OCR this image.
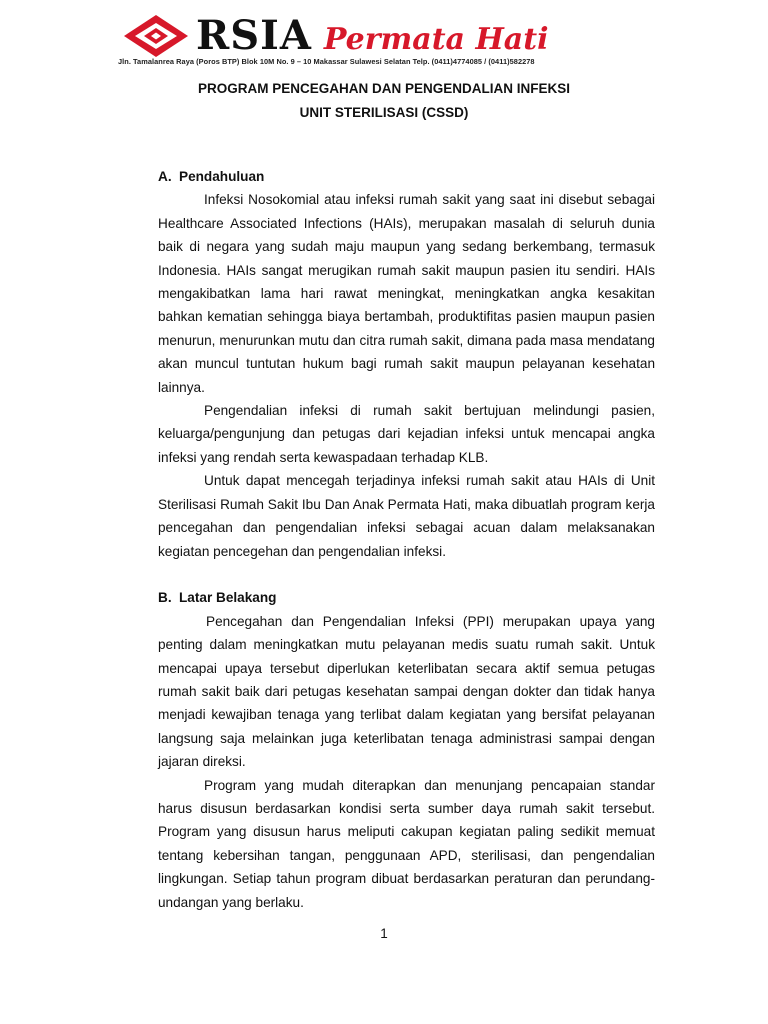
RSIA Permata Hati
Jln. Tamalanrea Raya (Poros BTP) Blok 10M No. 9 – 10 Makassar Sulawesi Selatan Telp. (0411)4774085 / (0411)582278
PROGRAM PENCEGAHAN DAN PENGENDALIAN INFEKSI
UNIT STERILISASI (CSSD)
A. Pendahuluan

Infeksi Nosokomial atau infeksi rumah sakit yang saat ini disebut sebagai Healthcare Associated Infections (HAIs), merupakan masalah di seluruh dunia baik di negara yang sudah maju maupun yang sedang berkembang, termasuk Indonesia. HAIs sangat merugikan rumah sakit maupun pasien itu sendiri. HAIs mengakibatkan lama hari rawat meningkat, meningkatkan angka kesakitan bahkan kematian sehingga biaya bertambah, produktifitas pasien maupun pasien menurun, menurunkan mutu dan citra rumah sakit, dimana pada masa mendatang akan muncul tuntutan hukum bagi rumah sakit maupun pelayanan kesehatan lainnya.

Pengendalian infeksi di rumah sakit bertujuan melindungi pasien, keluarga/pengunjung dan petugas dari kejadian infeksi untuk mencapai angka infeksi yang rendah serta kewaspadaan terhadap KLB.

Untuk dapat mencegah terjadinya infeksi rumah sakit atau HAIs di Unit Sterilisasi Rumah Sakit Ibu Dan Anak Permata Hati, maka dibuatlah program kerja pencegahan dan pengendalian infeksi sebagai acuan dalam melaksanakan kegiatan pencegehan dan pengendalian infeksi.

B. Latar Belakang

Pencegahan dan Pengendalian Infeksi (PPI) merupakan upaya yang penting dalam meningkatkan mutu pelayanan medis suatu rumah sakit. Untuk mencapai upaya tersebut diperlukan keterlibatan secara aktif semua petugas rumah sakit baik dari petugas kesehatan sampai dengan dokter dan tidak hanya menjadi kewajiban tenaga yang terlibat dalam kegiatan yang bersifat pelayanan langsung saja melainkan juga keterlibatan tenaga administrasi sampai dengan jajaran direksi.

Program yang mudah diterapkan dan menunjang pencapaian standar harus disusun berdasarkan kondisi serta sumber daya rumah sakit tersebut. Program yang disusun harus meliputi cakupan kegiatan paling sedikit memuat tentang kebersihan tangan, penggunaan APD, sterilisasi, dan pengendalian lingkungan. Setiap tahun program dibuat berdasarkan peraturan dan perundang-undangan yang berlaku.

1
